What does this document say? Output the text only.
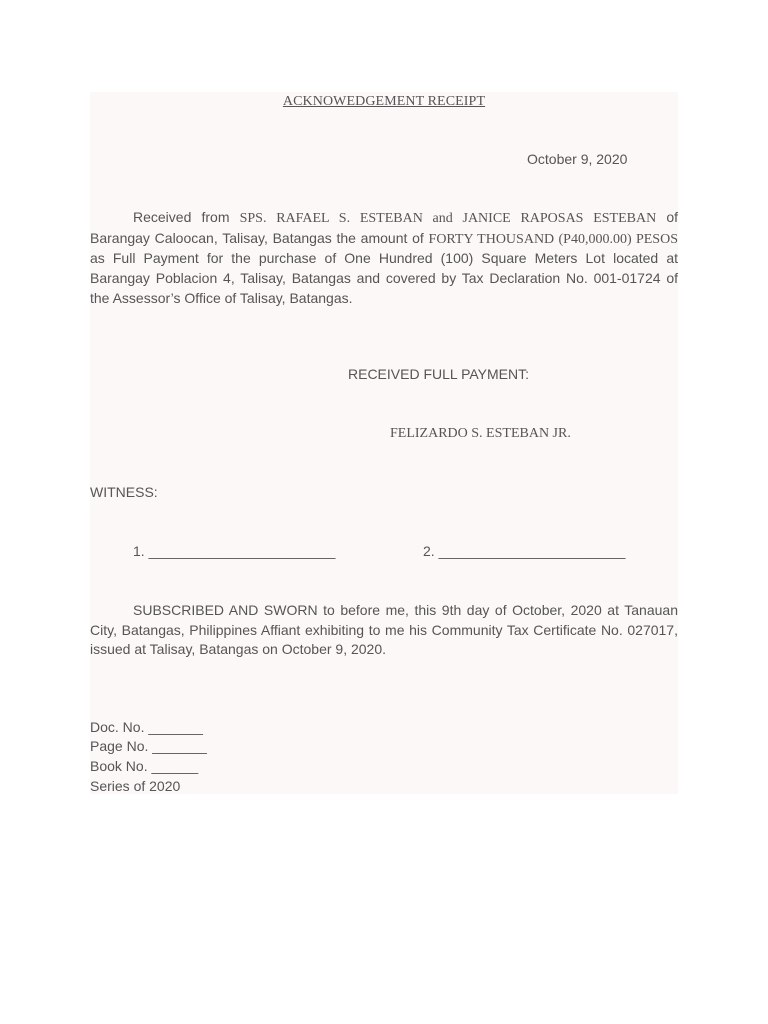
ACKNOWEDGEMENT RECEIPT
October 9, 2020
Received from SPS. RAFAEL S. ESTEBAN and JANICE RAPOSAS ESTEBAN of Barangay Caloocan, Talisay, Batangas the amount of FORTY THOUSAND (P40,000.00) PESOS as Full Payment for the purchase of One Hundred (100) Square Meters Lot located at Barangay Poblacion 4, Talisay, Batangas and covered by Tax Declaration No. 001-01724 of the Assessor’s Office of Talisay, Batangas.
RECEIVED FULL PAYMENT:
FELIZARDO S. ESTEBAN JR.
WITNESS:
1. ________________________	2. ________________________
SUBSCRIBED AND SWORN to before me, this 9th day of October, 2020 at Tanauan City, Batangas, Philippines Affiant exhibiting to me his Community Tax Certificate No. 027017, issued at Talisay, Batangas on October 9, 2020.
Doc. No. _______
Page No. _______
Book No. ______
Series of 2020
